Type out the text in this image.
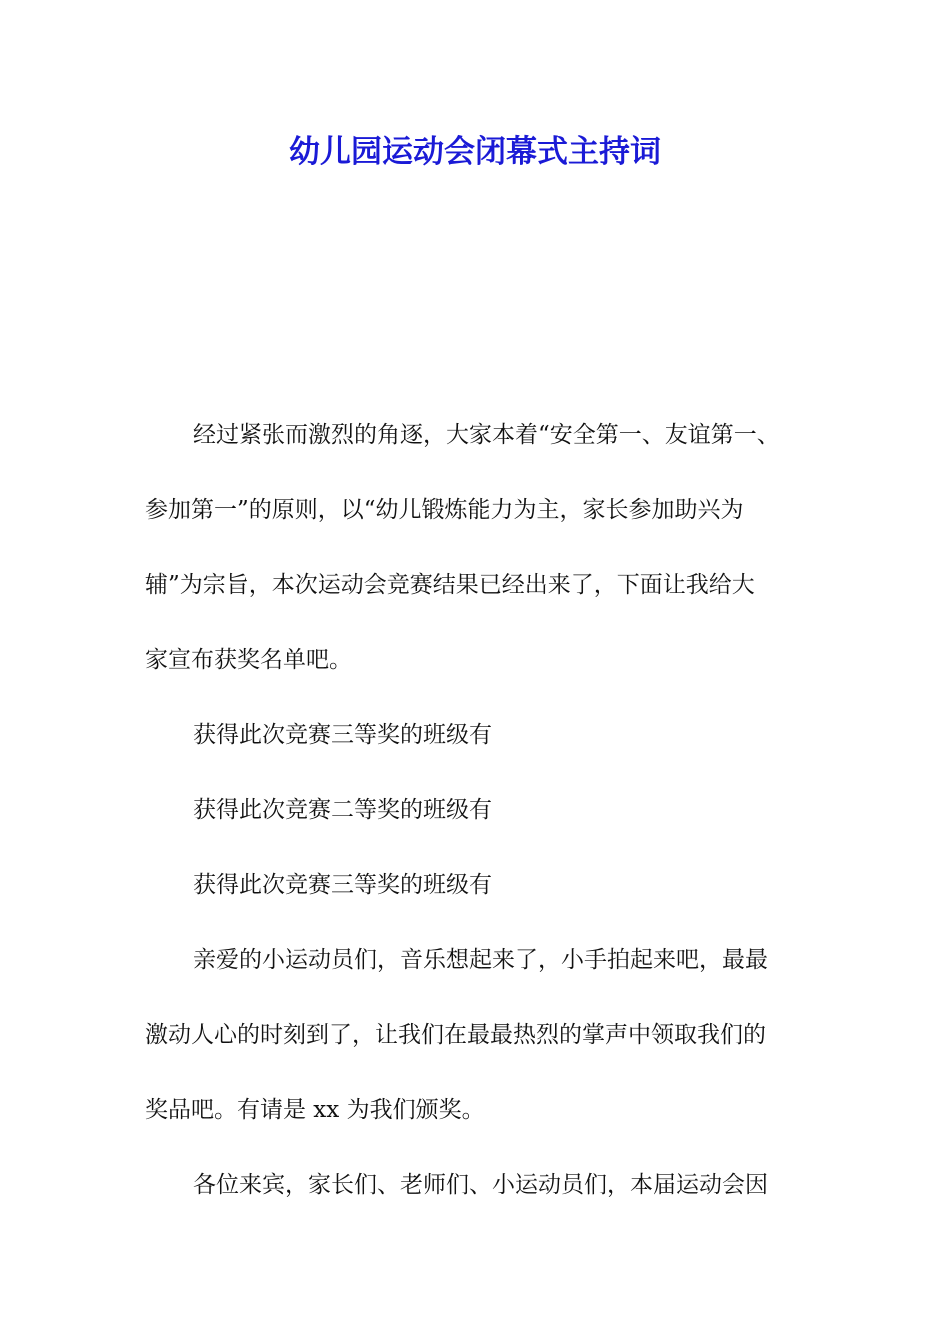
幼儿园运动会闭幕式主持词
经过紧张而激烈的角逐，大家本着“安全第一、友谊第一、
参加第一”的原则，以“幼儿锻炼能力为主，家长参加助兴为
辅”为宗旨，本次运动会竞赛结果已经出来了，下面让我给大
家宣布获奖名单吧。
获得此次竞赛三等奖的班级有
获得此次竞赛二等奖的班级有
获得此次竞赛三等奖的班级有
亲爱的小运动员们，音乐想起来了，小手拍起来吧，最最
激动人心的时刻到了，让我们在最最热烈的掌声中领取我们的
奖品吧。有请是 xx 为我们颁奖。
各位来宾，家长们、老师们、小运动员们，本届运动会因
